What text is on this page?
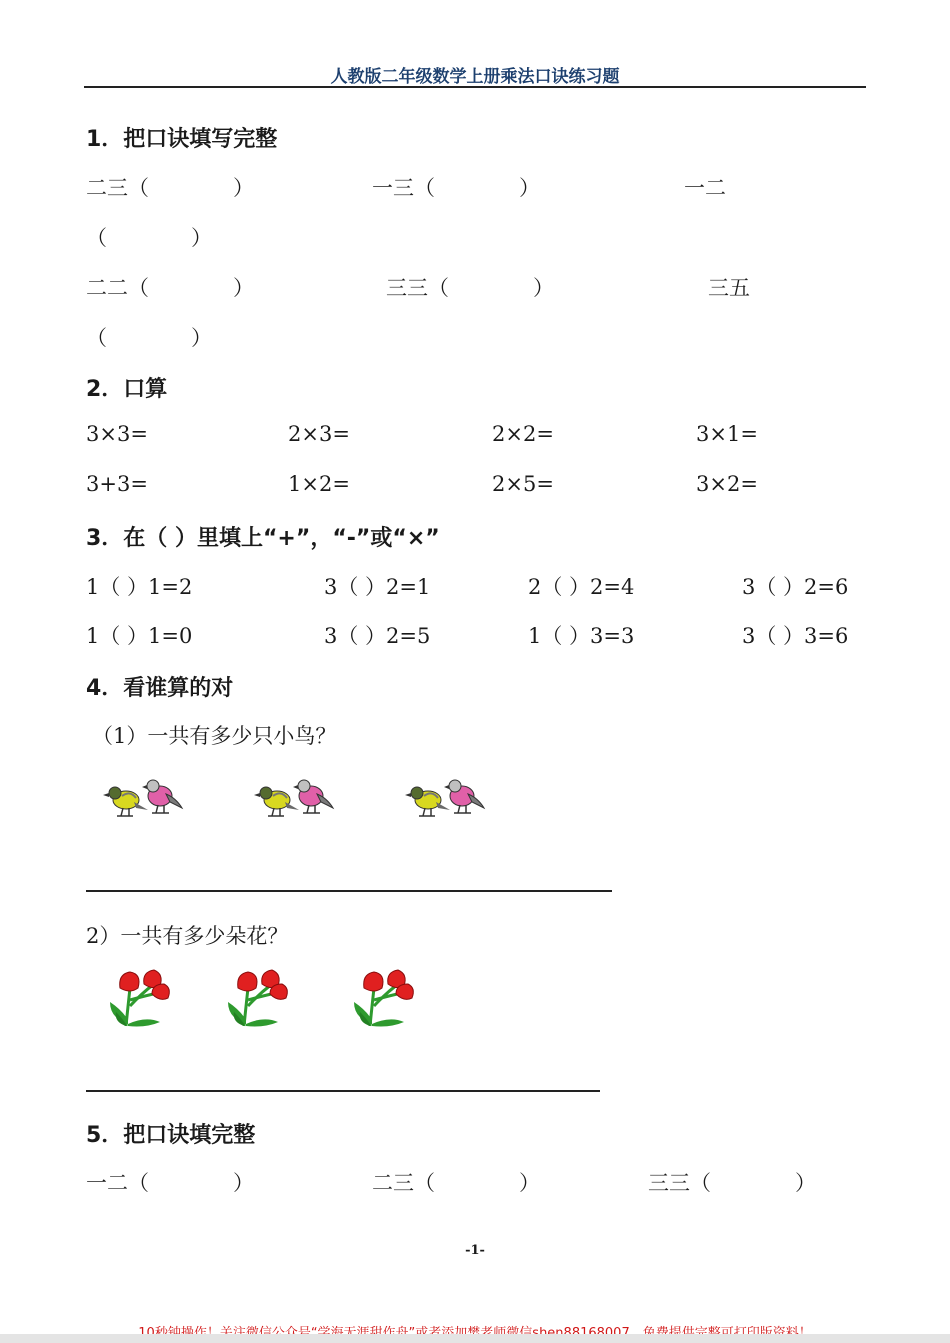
人教版二年级数学上册乘法口诀练习题
1．把口诀填写完整
二三（　　　　）	一三（　　　　）	一二
（　　　　）
二二（　　　　）	三三（　　　　）	三五
（　　　　）
2．口算
3×3=	2×3=	2×2=	3×1=
3+3=	1×2=	2×5=	3×2=
3．在（ ）里填上“+”，“-”或“×”
1（ ）1=2	3（ ）2=1	2（ ）2=4	3（ ）2=6
1（ ）1=0	3（ ）2=5	1（ ）3=3	3（ ）3=6
4．看谁算的对
（1）一共有多少只小鸟？
2）一共有多少朵花？
5．把口诀填完整
一二（　　　　）	二三（　　　　）	三三（　　　　）
-1-
